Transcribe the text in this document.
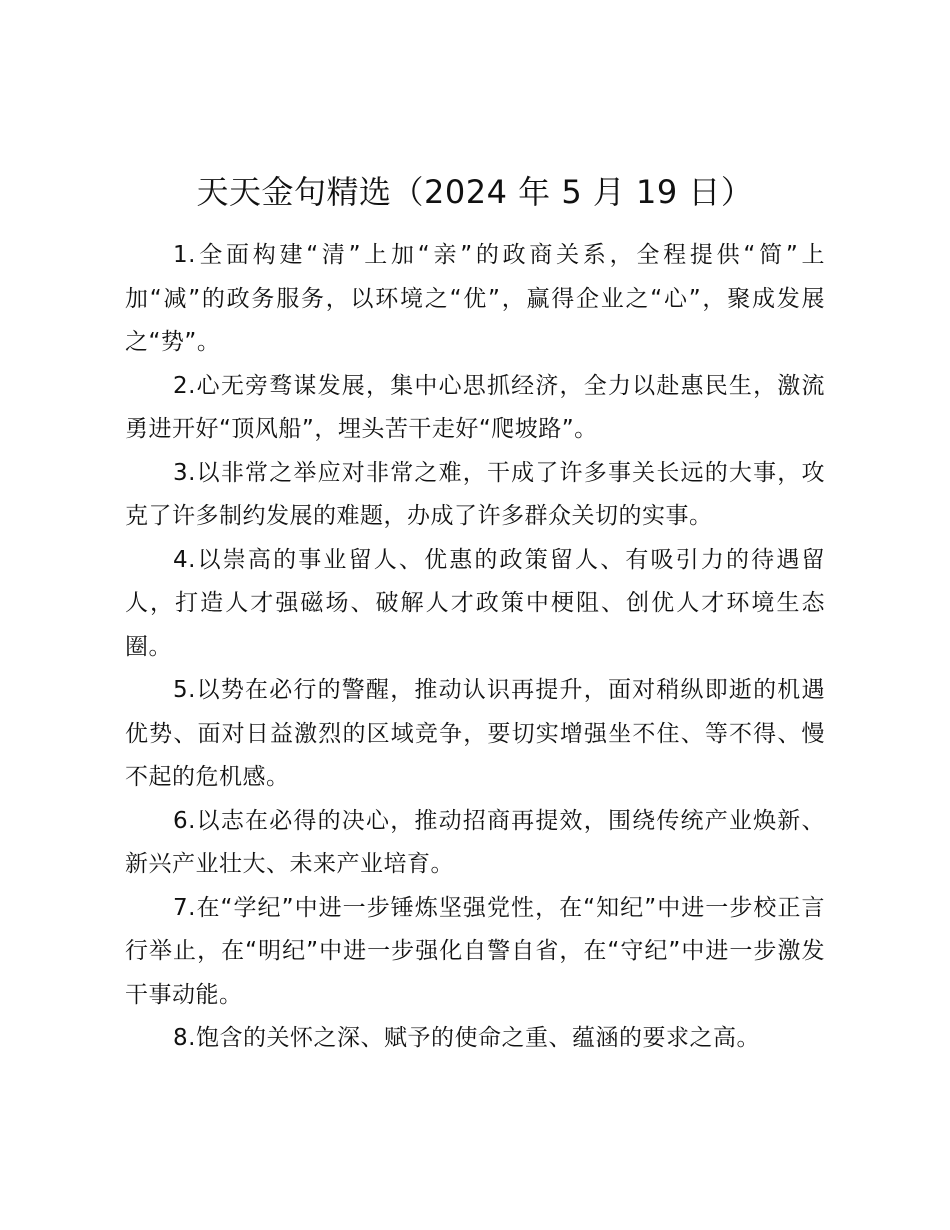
天天金句精选（2024 年 5 月 19 日）

1.全面构建“清”上加“亲”的政商关系，全程提供“简”上加“减”的政务服务，以环境之“优”，赢得企业之“心”，聚成发展之“势”。

2.心无旁骛谋发展，集中心思抓经济，全力以赴惠民生，激流勇进开好“顶风船”，埋头苦干走好“爬坡路”。

3.以非常之举应对非常之难，干成了许多事关长远的大事，攻克了许多制约发展的难题，办成了许多群众关切的实事。

4.以崇高的事业留人、优惠的政策留人、有吸引力的待遇留人，打造人才强磁场、破解人才政策中梗阻、创优人才环境生态圈。

5.以势在必行的警醒，推动认识再提升，面对稍纵即逝的机遇优势、面对日益激烈的区域竞争，要切实增强坐不住、等不得、慢不起的危机感。

6.以志在必得的决心，推动招商再提效，围绕传统产业焕新、新兴产业壮大、未来产业培育。

7.在“学纪”中进一步锤炼坚强党性，在“知纪”中进一步校正言行举止，在“明纪”中进一步强化自警自省，在“守纪”中进一步激发干事动能。

8.饱含的关怀之深、赋予的使命之重、蕴涵的要求之高。
